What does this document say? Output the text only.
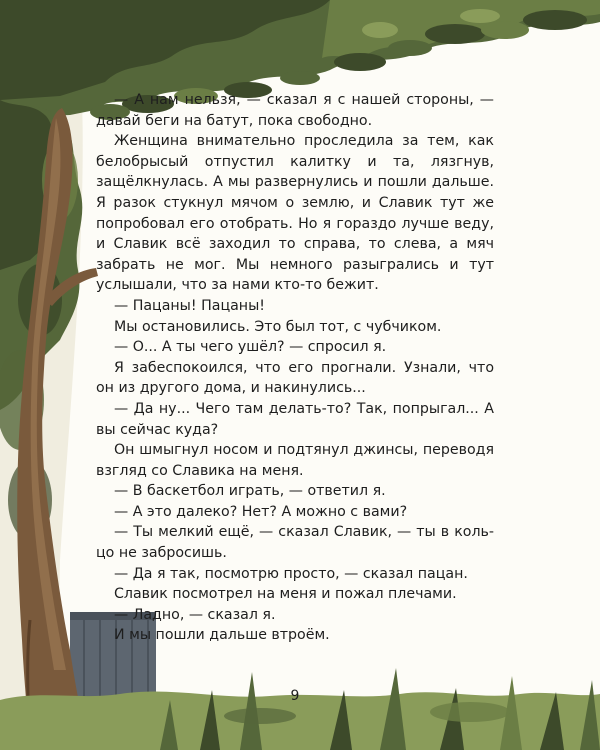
— А нам нельзя, — сказал я с нашей стороны, — давай беги на батут, пока свободно.

Женщина внимательно проследила за тем, как белобрысый отпустил калитку и та, лязгнув, защёлкнулась. А мы развернулись и пошли дальше. Я разок стукнул мячом о землю, и Славик тут же попробовал его отобрать. Но я гораздо лучше веду, и Славик всё заходил то справа, то слева, а мяч забрать не мог. Мы немного разыгрались и тут услышали, что за нами кто-то бежит.

— Пацаны! Пацаны!

Мы остановились. Это был тот, с чубчиком.

— О... А ты чего ушёл? — спросил я.

Я забеспокоился, что его прогнали. Узнали, что он из другого дома, и накинулись...

— Да ну... Чего там делать-то? Так, попрыгал... А вы сейчас куда?

Он шмыгнул носом и подтянул джинсы, переводя взгляд со Славика на меня.

— В баскетбол играть, — ответил я.

— А это далеко? Нет? А можно с вами?

— Ты мелкий ещё, — сказал Славик, — ты в кольцо не забросишь.

— Да я так, посмотрю просто, — сказал пацан.

Славик посмотрел на меня и пожал плечами.

— Ладно, — сказал я.

И мы пошли дальше втроём.

9
